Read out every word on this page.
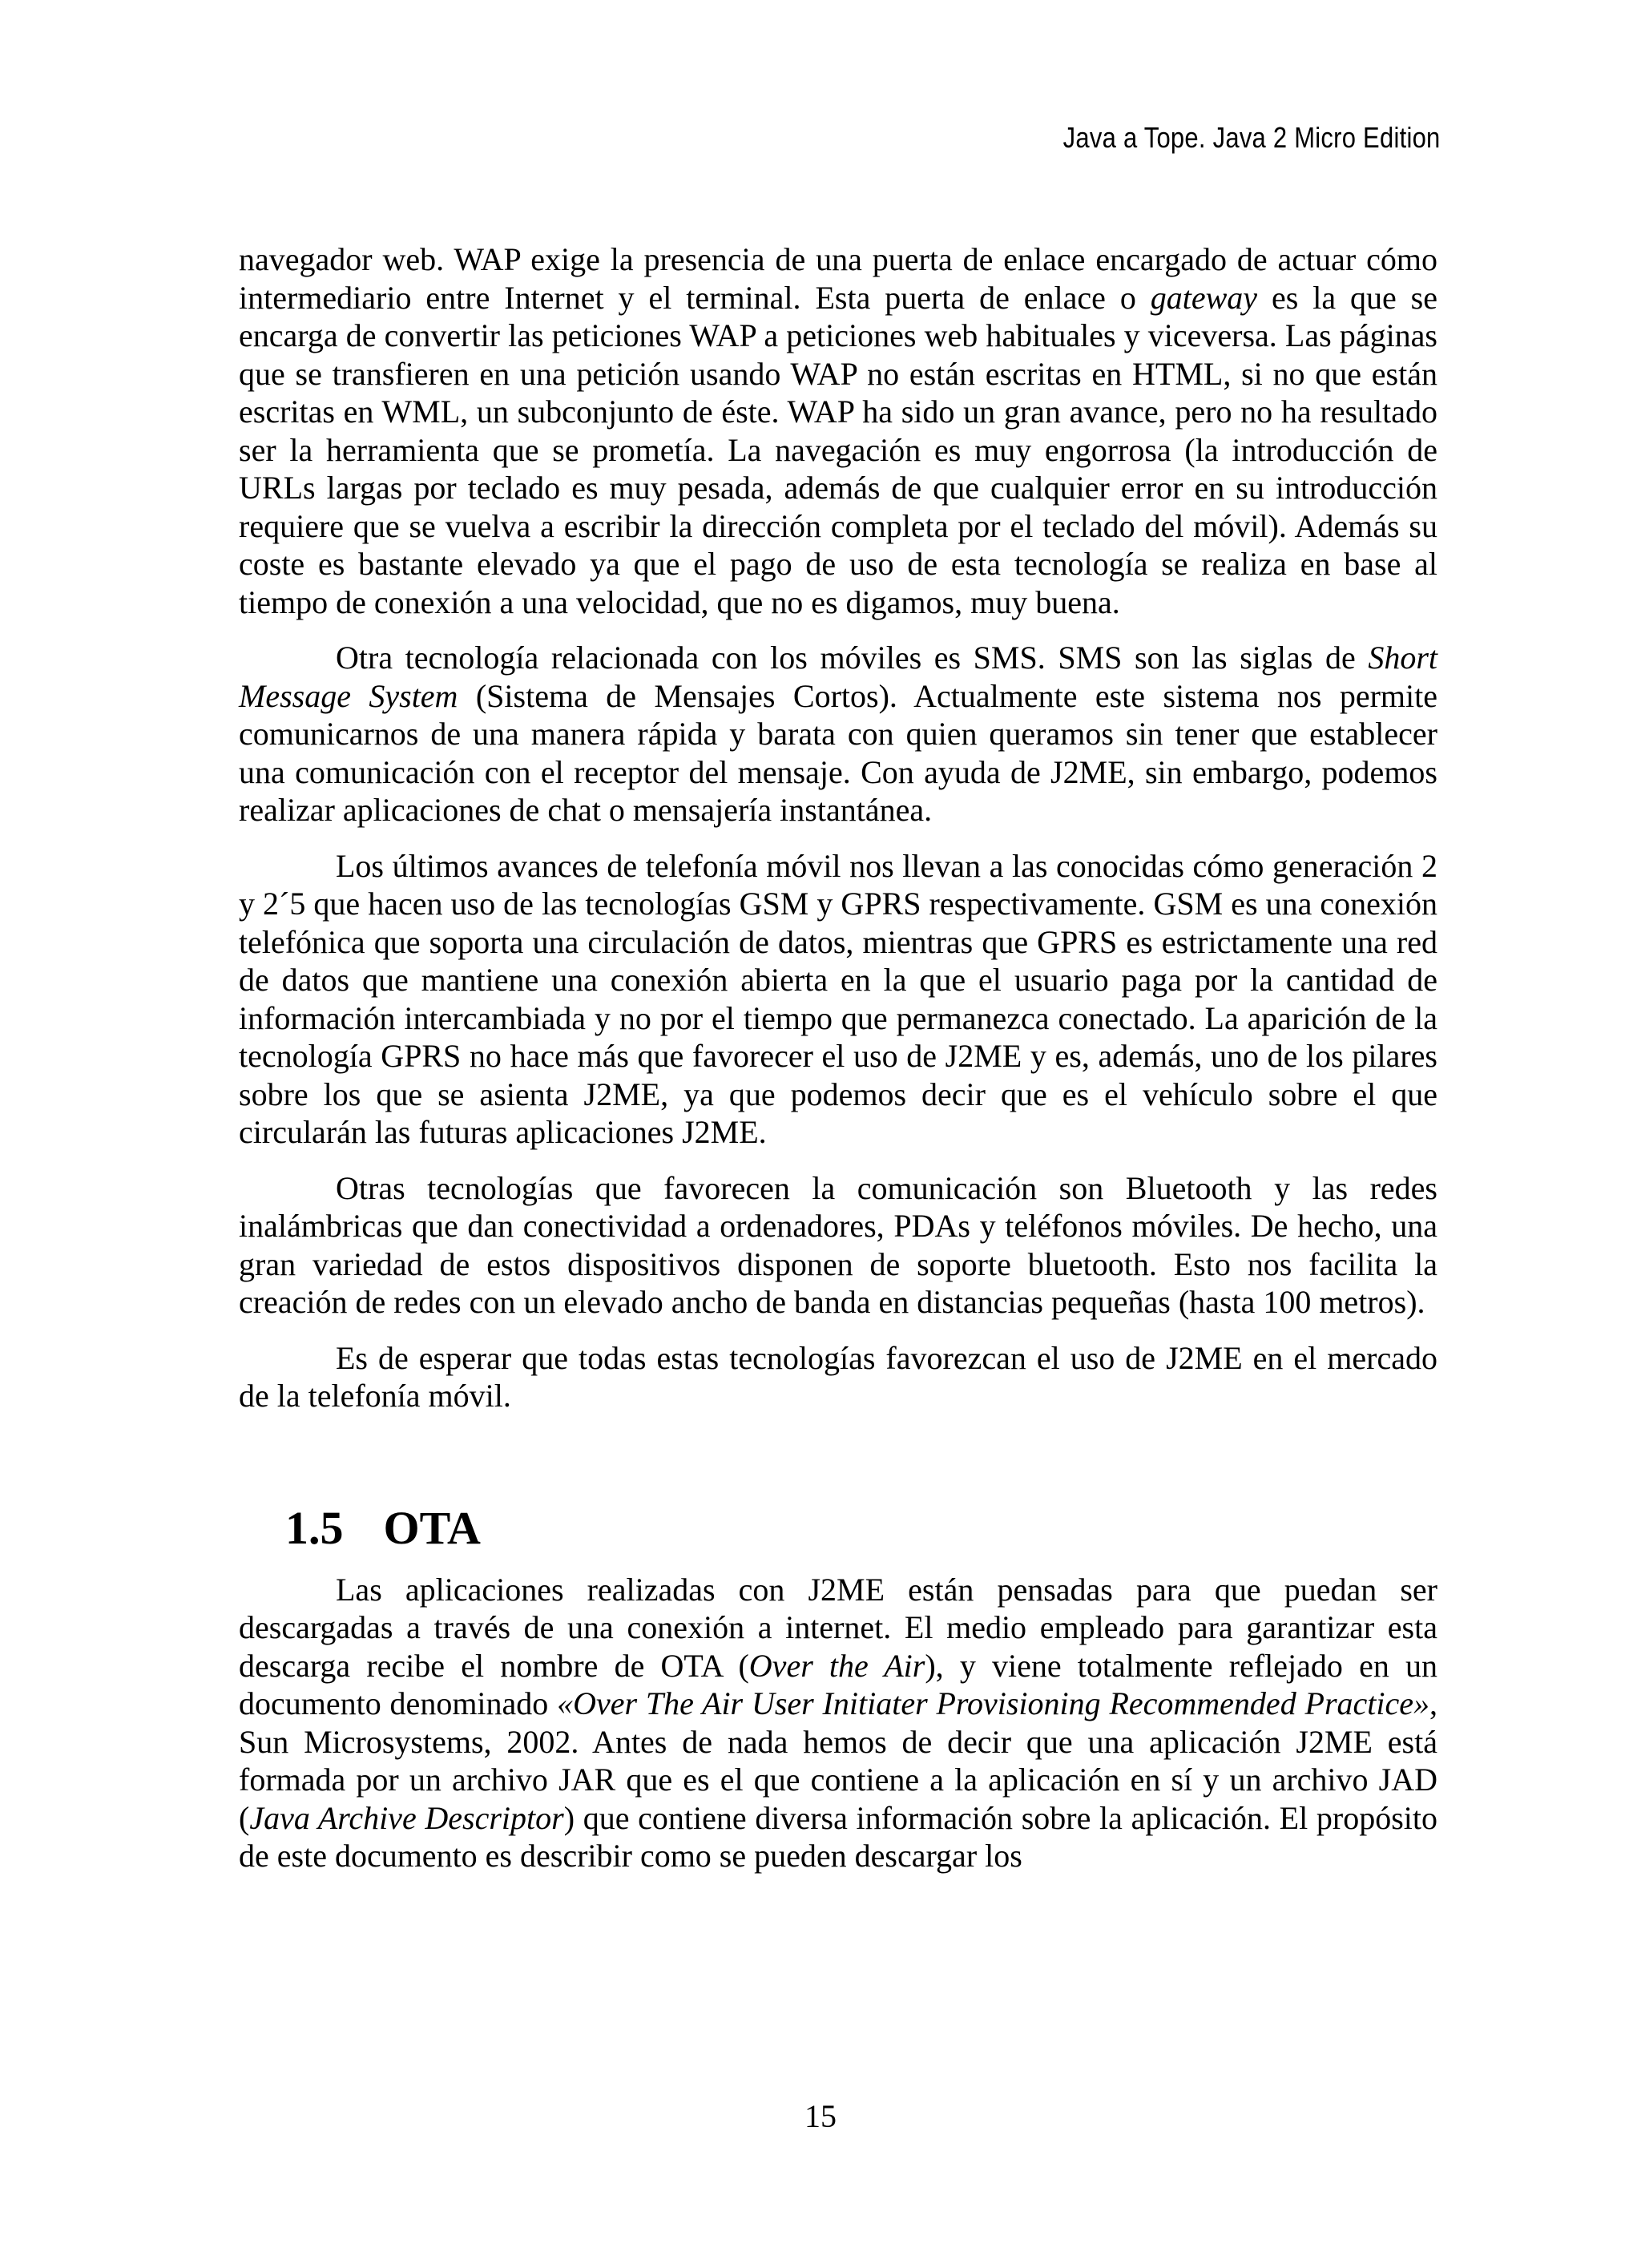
Java a Tope. Java 2 Micro Edition

navegador web. WAP exige la presencia de una puerta de enlace encargado de actuar cómo intermediario entre Internet y el terminal. Esta puerta de enlace o gateway es la que se encarga de convertir las peticiones WAP a peticiones web habituales y viceversa. Las páginas que se transfieren en una petición usando WAP no están escritas en HTML, si no que están escritas en WML, un subconjunto de éste. WAP ha sido un gran avance, pero no ha resultado ser la herramienta que se prometía. La navegación es muy engorrosa (la introducción de URLs largas por teclado es muy pesada, además de que cualquier error en su introducción requiere que se vuelva a escribir la dirección completa por el teclado del móvil). Además su coste es bastante elevado ya que el pago de uso de esta tecnología se realiza en base al tiempo de conexión a una velocidad, que no es digamos, muy buena.

Otra tecnología relacionada con los móviles es SMS. SMS son las siglas de Short Message System (Sistema de Mensajes Cortos). Actualmente este sistema nos permite comunicarnos de una manera rápida y barata con quien queramos sin tener que establecer una comunicación con el receptor del mensaje. Con ayuda de J2ME, sin embargo, podemos realizar aplicaciones de chat o mensajería instantánea.

Los últimos avances de telefonía móvil nos llevan a las conocidas cómo generación 2 y 2´5 que hacen uso de las tecnologías GSM y GPRS respectivamente. GSM es una conexión telefónica que soporta una circulación de datos, mientras que GPRS es estrictamente una red de datos que mantiene una conexión abierta en la que el usuario paga por la cantidad de información intercambiada y no por el tiempo que permanezca conectado. La aparición de la tecnología GPRS no hace más que favorecer el uso de J2ME y es, además, uno de los pilares sobre los que se asienta J2ME, ya que podemos decir que es el vehículo sobre el que circularán las futuras aplicaciones J2ME.

Otras tecnologías que favorecen la comunicación son Bluetooth y las redes inalámbricas que dan conectividad a ordenadores, PDAs y teléfonos móviles. De hecho, una gran variedad de estos dispositivos disponen de soporte bluetooth. Esto nos facilita la creación de redes con un elevado ancho de banda en distancias pequeñas (hasta 100 metros).

Es de esperar que todas estas tecnologías favorezcan el uso de J2ME en el mercado de la telefonía móvil.

1.5 OTA

Las aplicaciones realizadas con J2ME están pensadas para que puedan ser descargadas a través de una conexión a internet. El medio empleado para garantizar esta descarga recibe el nombre de OTA (Over the Air), y viene totalmente reflejado en un documento denominado «Over The Air User Initiater Provisioning Recommended Practice», Sun Microsystems, 2002. Antes de nada hemos de decir que una aplicación J2ME está formada por un archivo JAR que es el que contiene a la aplicación en sí y un archivo JAD (Java Archive Descriptor) que contiene diversa información sobre la aplicación. El propósito de este documento es describir como se pueden descargar los

15
